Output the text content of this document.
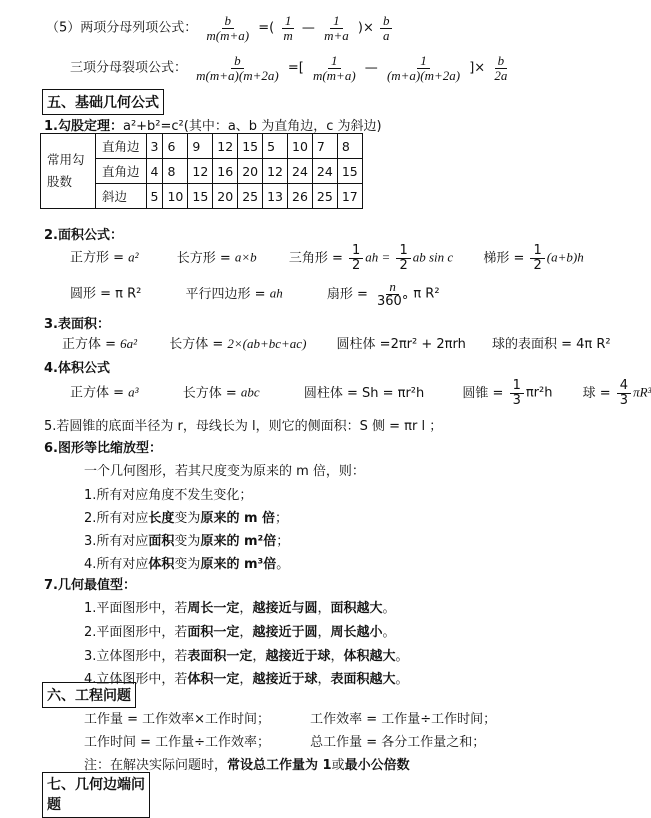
（5）两项分母列项公式： $\frac{b}{m(m+a)}$ =( $\frac{1}{m}$ — $\frac{1}{m+a}$ )× $\frac{b}{a}$
三项分母裂项公式： $\frac{b}{m(m+a)(m+2a)}$ =[ $\frac{1}{m(m+a)}$ — $\frac{1}{(m+a)(m+2a)}$ ]× $\frac{b}{2a}$
五、基础几何公式
1.勾股定理：a²+b²=c²(其中：a、b 为直角边，c 为斜边)
常用勾股数	直角边	3	6	9	12	15	5	10	7	8
	直角边	4	8	12	16	20	12	24	24	15
	斜边	5	10	15	20	25	13	26	25	17
2.面积公式：
正方形 = a²	长方形 = a×b 三角形 = $\frac{1}{2}$ ah = $\frac{1}{2}$ ab sin c 梯形 = $\frac{1}{2} (a+b)h$
圆形 = π R²	平行四边形 = ah	扇形 = $\frac{n}{360^\circ}$ π R²
3.表面积：
正方体 = 6a² 长方体 = 2×(ab+bc+ac) 圆柱体 =2πr² + 2πrh 球的表面积 = 4π R²
4.体积公式
正方体 = a³	长方体 = abc	圆柱体 = Sh = πr²h	圆锥 = $\frac{1}{3} \pi r^2h$ 球 = $\frac{4}{3} \pi R^3$
5.若圆锥的底面半径为 r，母线长为 l，则它的侧面积：S 侧 = πr l ；
6.图形等比缩放型：
一个几何图形，若其尺度变为原来的 m 倍，则：
1.所有对应角度不发生变化；
2.所有对应长度变为原来的 m 倍；
3.所有对应面积变为原来的 m²倍；
4.所有对应体积变为原来的 m³倍。
7.几何最值型：
1.平面图形中，若周长一定，越接近与圆，面积越大。
2.平面图形中，若面积一定，越接近于圆，周长越小。
3.立体图形中，若表面积一定，越接近于球，体积越大。
4.立体图形中，若体积一定，越接近于球，表面积越大。
六、工程问题
工作量 = 工作效率×工作时间；	工作效率 = 工作量÷工作时间；
工作时间 = 工作量÷工作效率；	总工作量 = 各分工作量之和；
注：在解决实际问题时，常设总工作量为 1或最小公倍数
七、几何边端问
题
